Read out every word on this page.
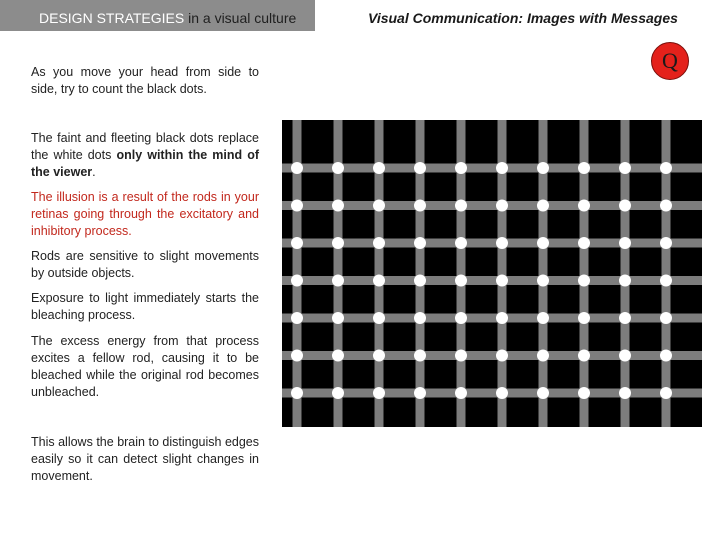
DESIGN STRATEGIES in a visual culture	Visual Communication: Images with Messages
Q

As you move your head from side to side, try to count the black dots.

The faint and fleeting black dots replace the white dots only within the mind of the viewer.

The illusion is a result of the rods in your retinas going through the excitatory and inhibitory process.

Rods are sensitive to slight movements by outside objects.

Exposure to light immediately starts the bleaching process.

The excess energy from that process excites a fellow rod, causing it to be bleached while the original rod becomes unbleached.

This allows the brain to distinguish edges easily so it can detect slight changes in movement.
